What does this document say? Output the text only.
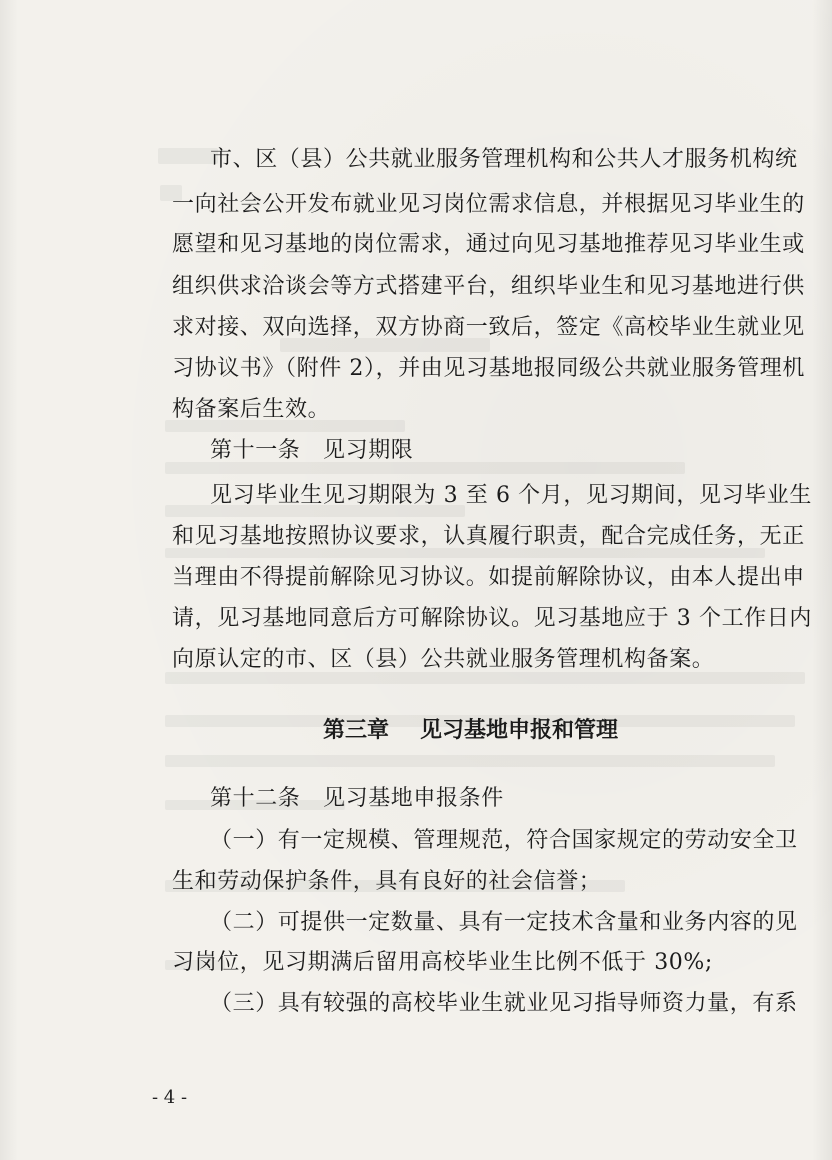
市、区（县）公共就业服务管理机构和公共人才服务机构统
一向社会公开发布就业见习岗位需求信息，并根据见习毕业生的
愿望和见习基地的岗位需求，通过向见习基地推荐见习毕业生或
组织供求洽谈会等方式搭建平台，组织毕业生和见习基地进行供
求对接、双向选择，双方协商一致后，签定《高校毕业生就业见
习协议书》（附件 2），并由见习基地报同级公共就业服务管理机
构备案后生效。
第十一条　见习期限
见习毕业生见习期限为 3 至 6 个月，见习期间，见习毕业生
和见习基地按照协议要求，认真履行职责，配合完成任务，无正
当理由不得提前解除见习协议。如提前解除协议，由本人提出申
请，见习基地同意后方可解除协议。见习基地应于 3 个工作日内
向原认定的市、区（县）公共就业服务管理机构备案。
第三章 见习基地申报和管理
第十二条　见习基地申报条件
（一）有一定规模、管理规范，符合国家规定的劳动安全卫
生和劳动保护条件，具有良好的社会信誉；
（二）可提供一定数量、具有一定技术含量和业务内容的见
习岗位，见习期满后留用高校毕业生比例不低于 30%;
（三）具有较强的高校毕业生就业见习指导师资力量，有系
- 4 -
